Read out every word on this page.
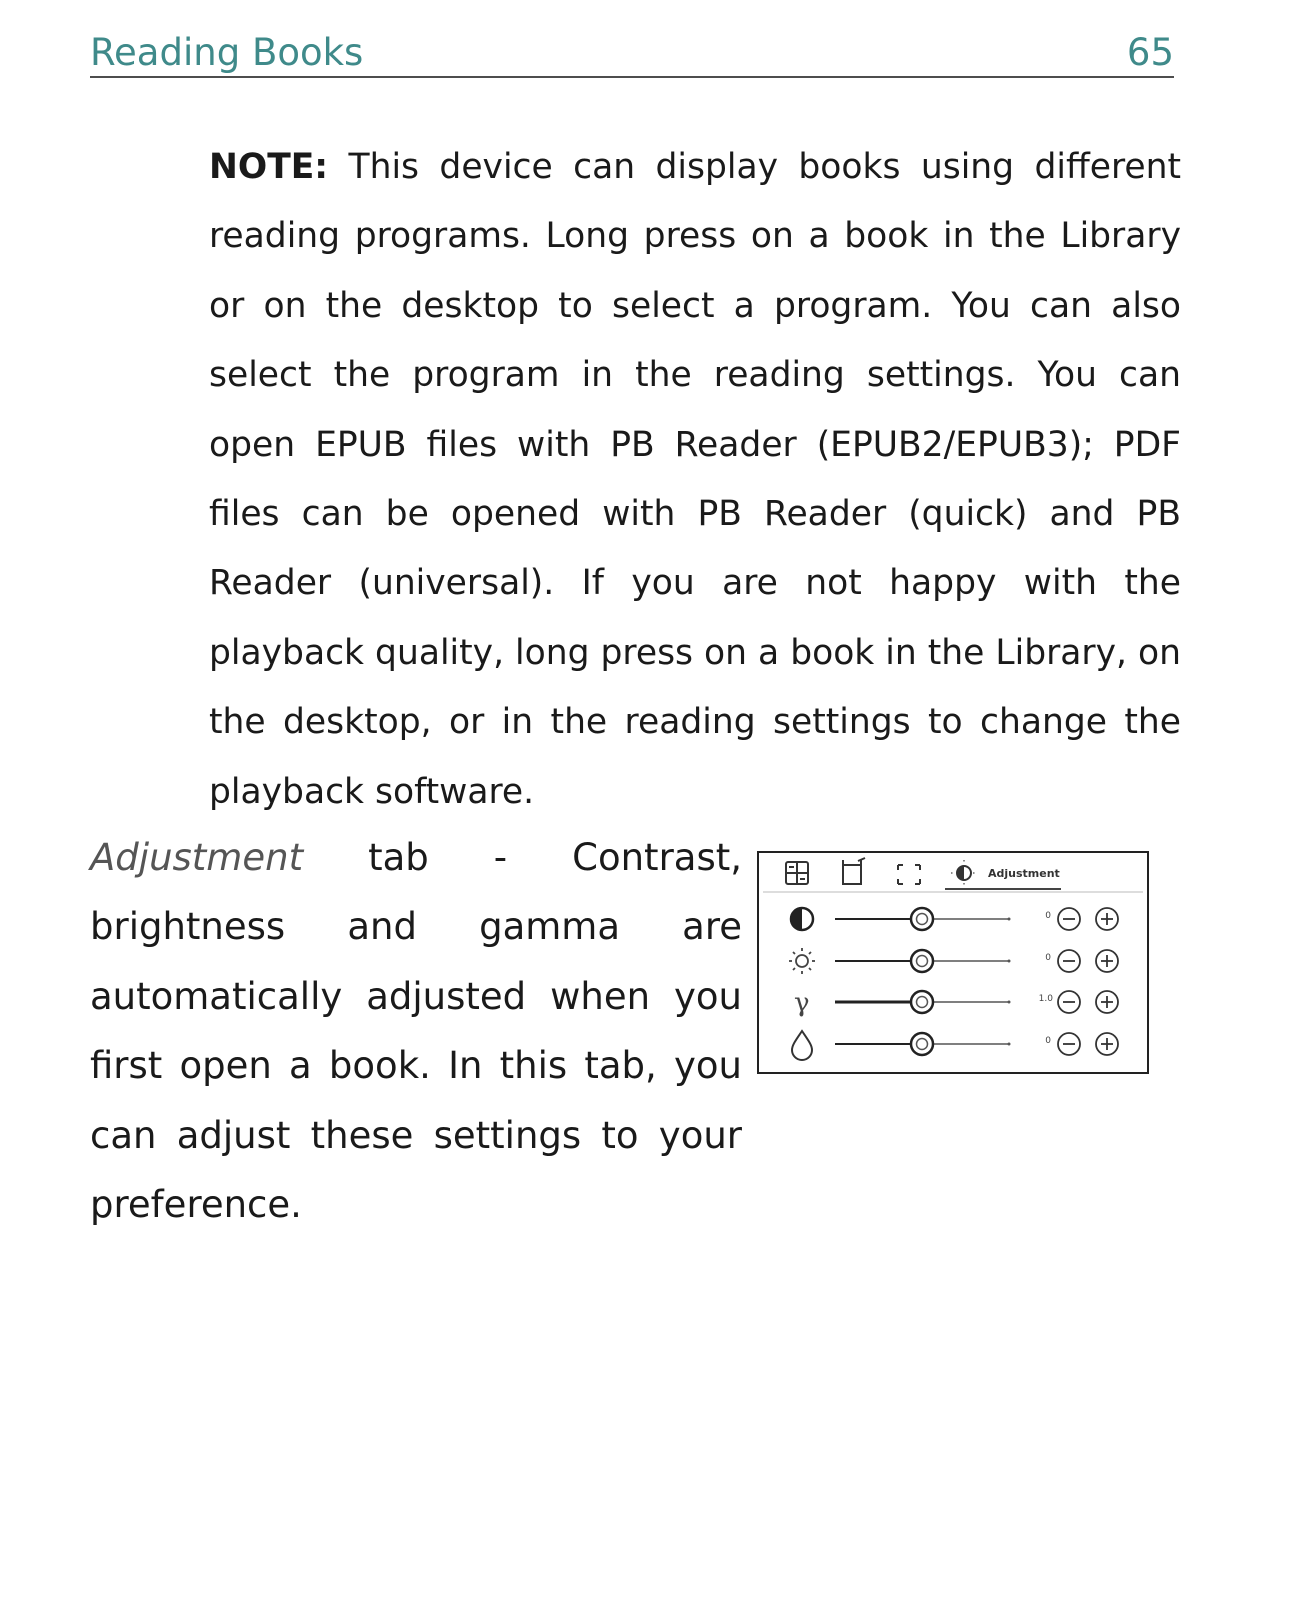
Reading Books	65

NOTE: This device can display books using different reading programs. Long press on a book in the Library or on the desktop to select a program. You can also select the program in the reading settings. You can open EPUB files with PB Reader (EPUB2/EPUB3); PDF files can be opened with PB Reader (quick) and PB Reader (universal). If you are not happy with the playback quality, long press on a book in the Library, on the desktop, or in the reading settings to change the playback software.

Adjustment tab - Contrast, brightness and gamma are automatically adjusted when you first open a book. In this tab, you can adjust these settings to your preference.

γ
Adjustment
0
0
1.0
0
